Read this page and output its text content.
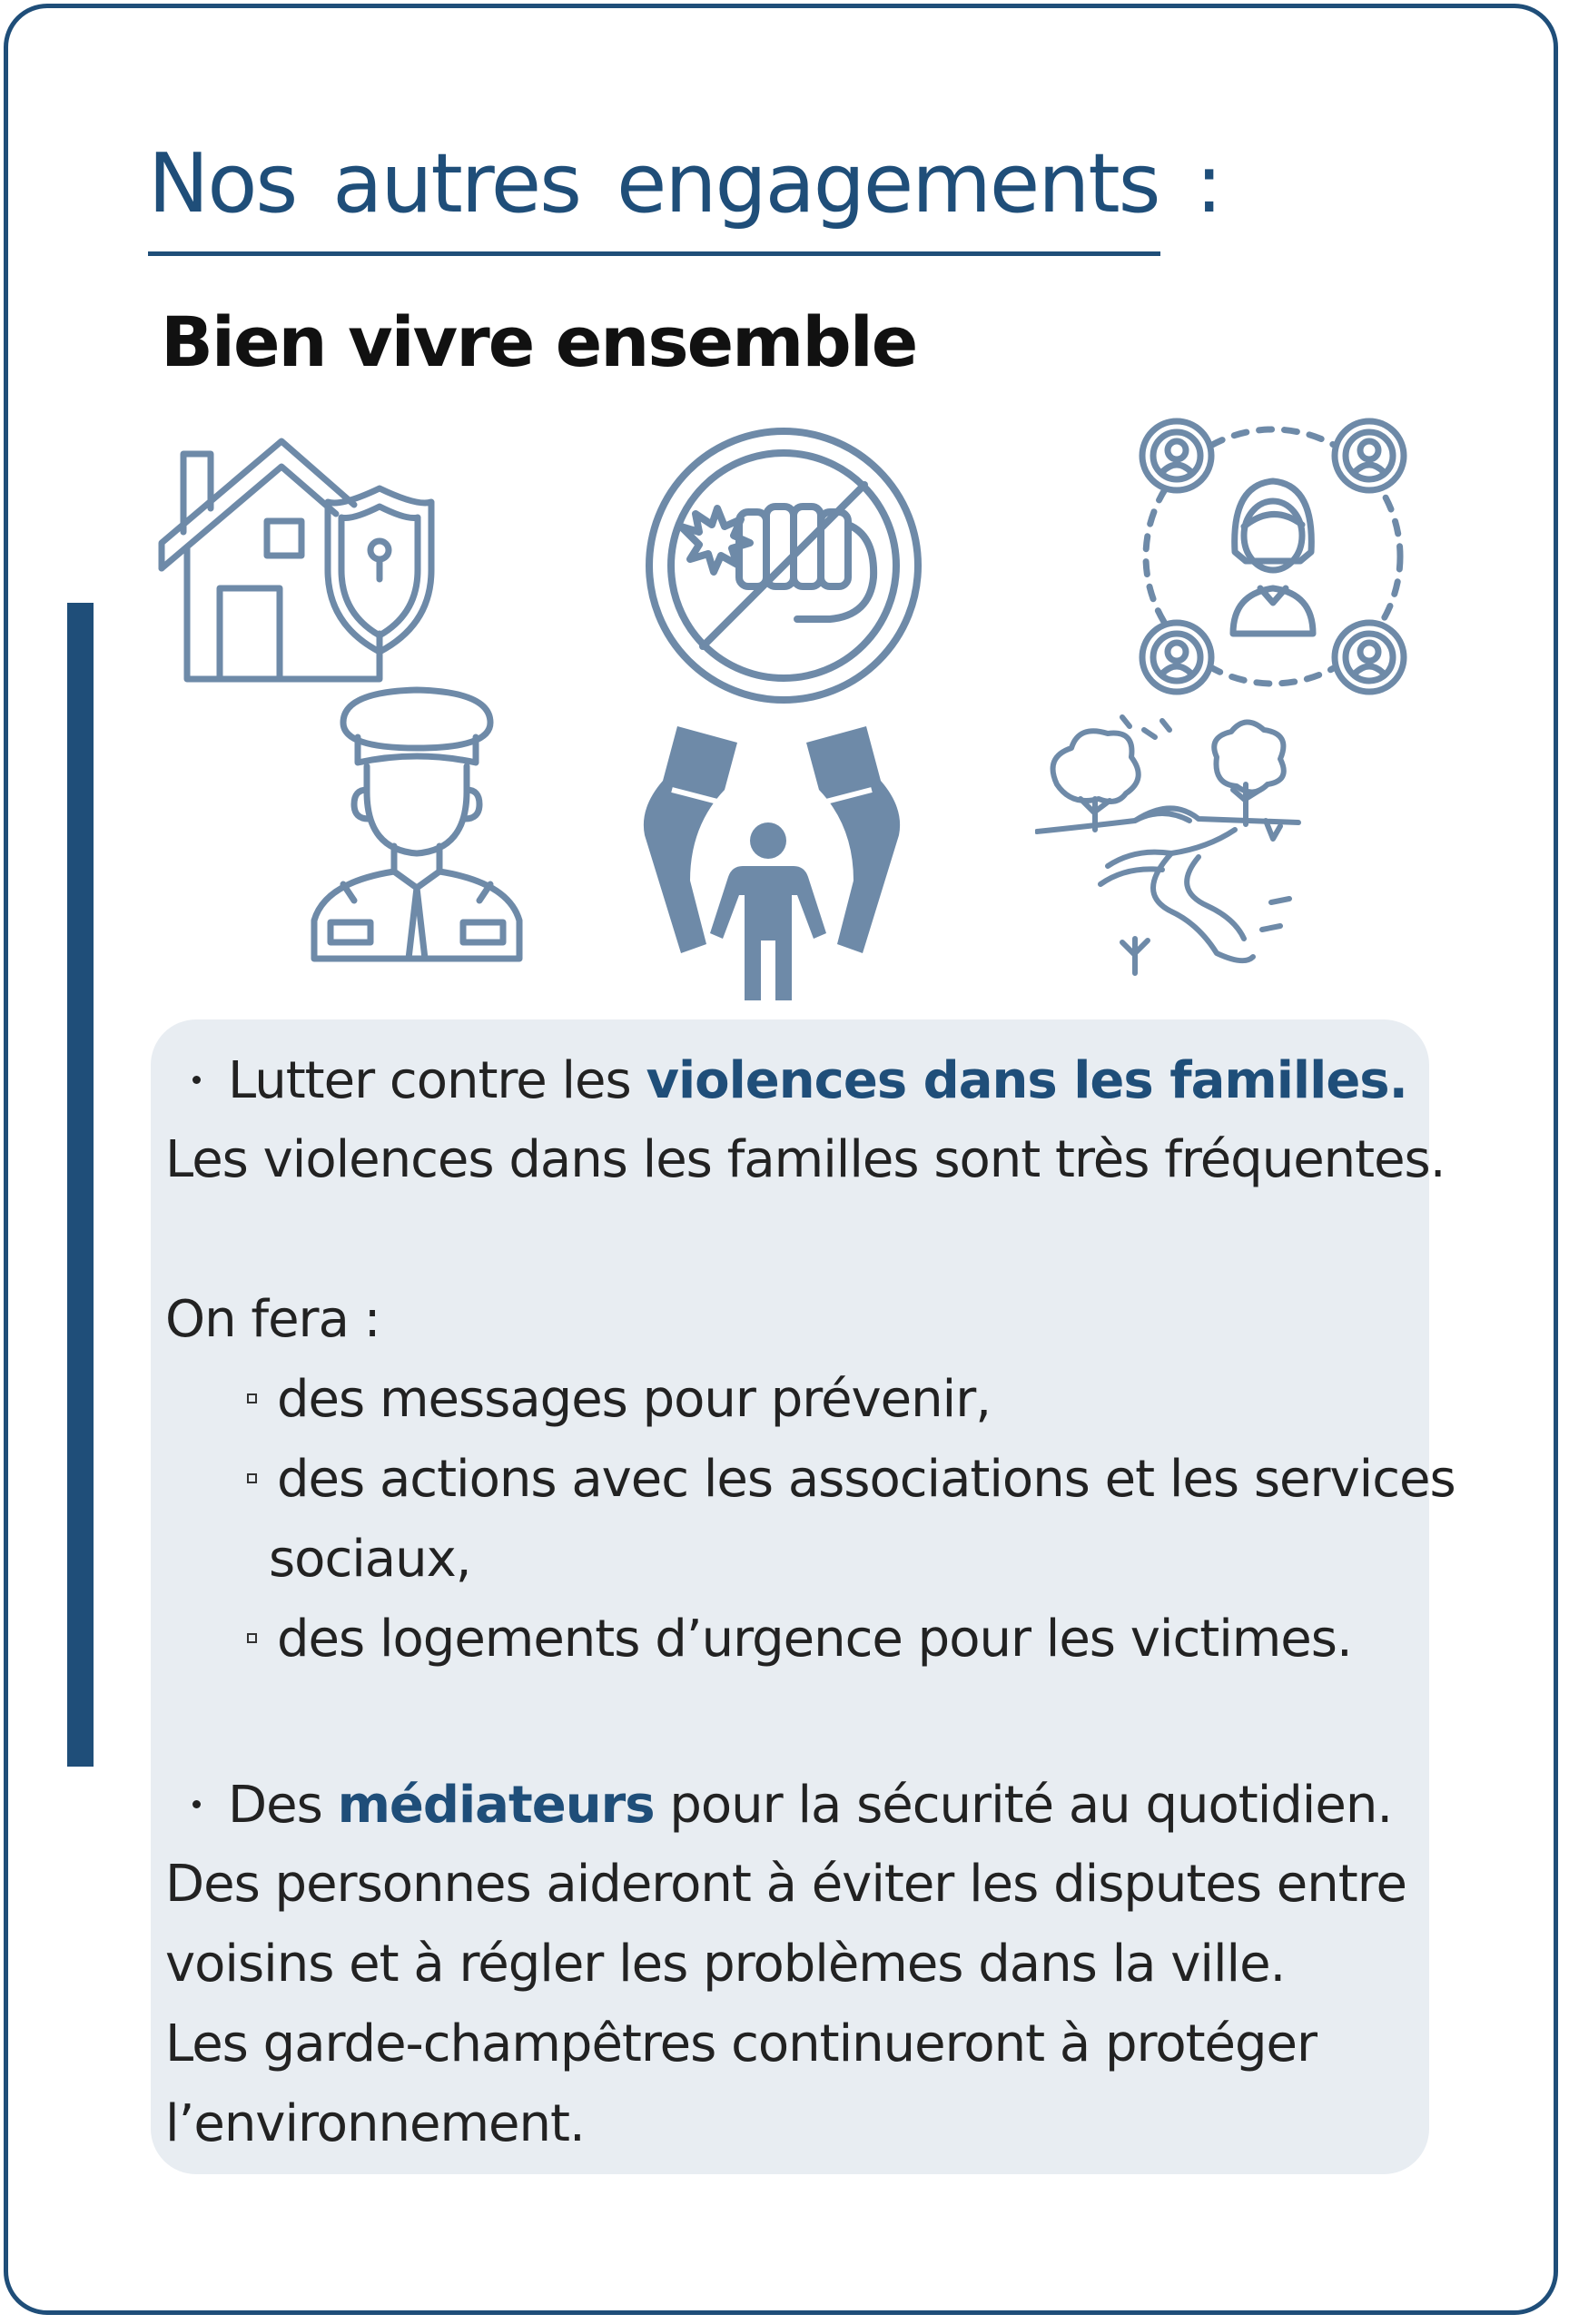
Nos autres engagements :
Bien vivre ensemble

Lutter contre les violences dans les familles.

Les violences dans les familles sont très fréquentes.

On fera :

des messages pour prévenir,

des actions avec les associations et les services

sociaux,

des logements d’urgence pour les victimes.

Des médiateurs pour la sécurité au quotidien.

Des personnes aideront à éviter les disputes entre

voisins et à régler les problèmes dans la ville.

Les garde-champêtres continueront à protéger

l’environnement.
